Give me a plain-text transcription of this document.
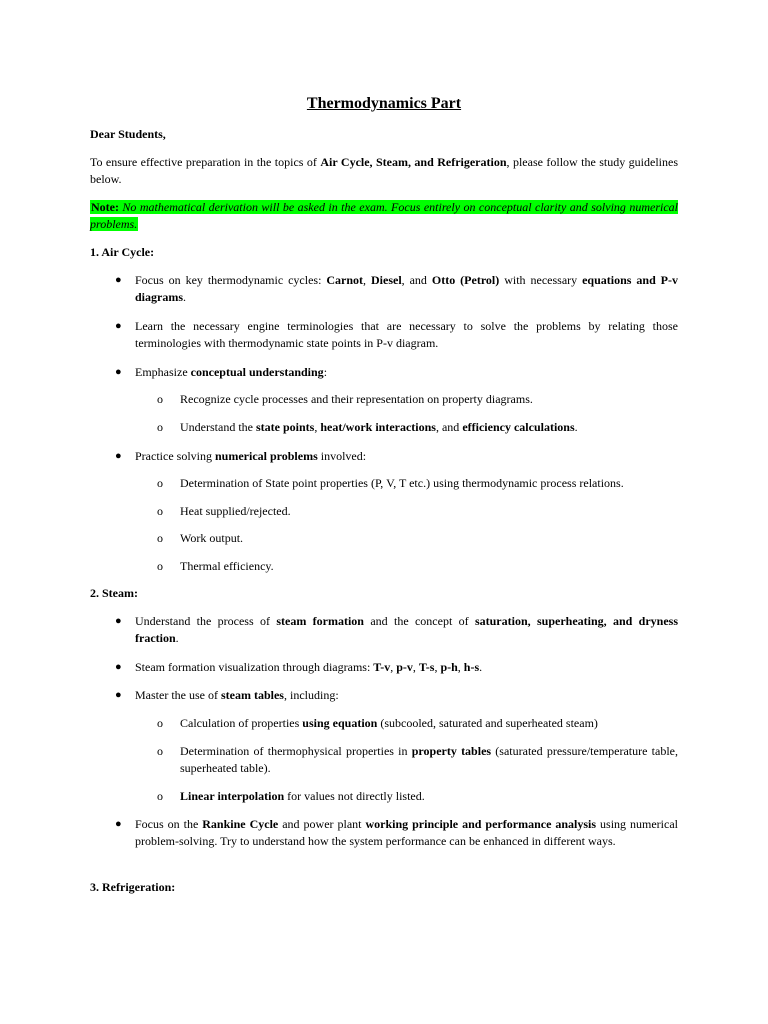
Thermodynamics Part
Dear Students,
To ensure effective preparation in the topics of Air Cycle, Steam, and Refrigeration, please follow the study guidelines below.
Note: No mathematical derivation will be asked in the exam. Focus entirely on conceptual clarity and solving numerical problems.
1. Air Cycle:
● Focus on key thermodynamic cycles: Carnot, Diesel, and Otto (Petrol) with necessary equations and P-v diagrams.
● Learn the necessary engine terminologies that are necessary to solve the problems by relating those terminologies with thermodynamic state points in P-v diagram.
● Emphasize conceptual understanding:
o Recognize cycle processes and their representation on property diagrams.
o Understand the state points, heat/work interactions, and efficiency calculations.
● Practice solving numerical problems involved:
o Determination of State point properties (P, V, T etc.) using thermodynamic process relations.
o Heat supplied/rejected.
o Work output.
o Thermal efficiency.
2. Steam:
● Understand the process of steam formation and the concept of saturation, superheating, and dryness fraction.
● Steam formation visualization through diagrams: T-v, p-v, T-s, p-h, h-s.
● Master the use of steam tables, including:
o Calculation of properties using equation (subcooled, saturated and superheated steam)
o Determination of thermophysical properties in property tables (saturated pressure/temperature table, superheated table).
o Linear interpolation for values not directly listed.
● Focus on the Rankine Cycle and power plant working principle and performance analysis using numerical problem-solving. Try to understand how the system performance can be enhanced in different ways.
3. Refrigeration:
